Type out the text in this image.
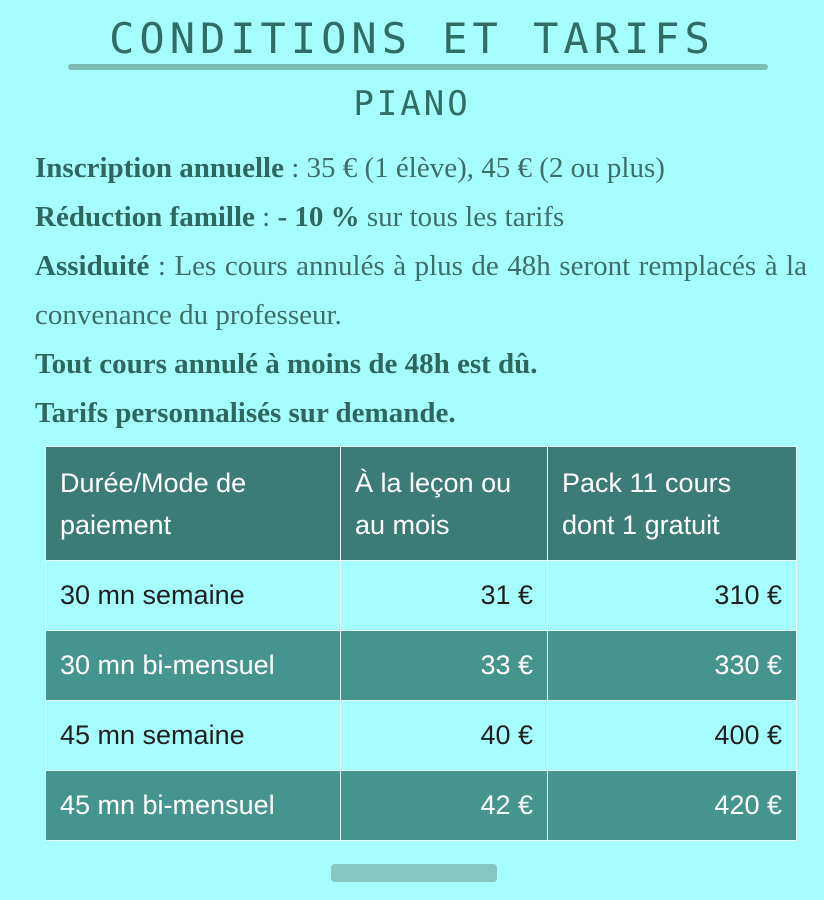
CONDITIONS ET TARIFS
PIANO

Inscription annuelle : 35 € (1 élève), 45 € (2 ou plus)

Réduction famille : - 10 % sur tous les tarifs

Assiduité : Les cours annulés à plus de 48h seront remplacés à la convenance du professeur.

Tout cours annulé à moins de 48h est dû.

Tarifs personnalisés sur demande.

Durée/Mode de paiement	À la leçon ou au mois	Pack 11 cours dont 1 gratuit
30 mn semaine	31 €	310 €
30 mn bi-mensuel	33 €	330 €
45 mn semaine	40 €	400 €
45 mn bi-mensuel	42 €	420 €
